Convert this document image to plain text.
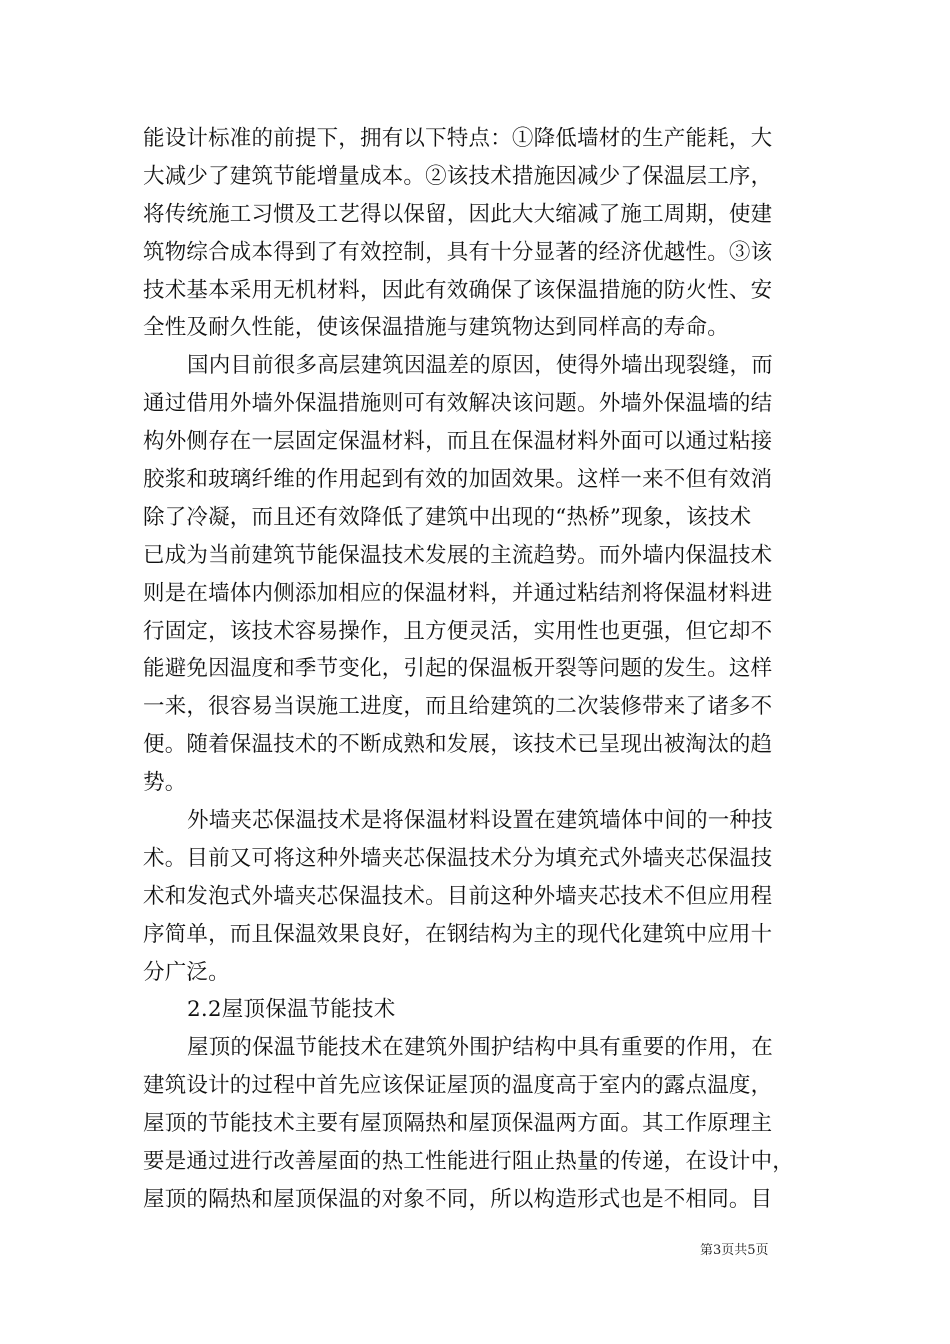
能设计标准的前提下，拥有以下特点：①降低墙材的生产能耗，大
大减少了建筑节能增量成本。②该技术措施因减少了保温层工序，
将传统施工习惯及工艺得以保留，因此大大缩减了施工周期，使建
筑物综合成本得到了有效控制，具有十分显著的经济优越性。③该
技术基本采用无机材料，因此有效确保了该保温措施的防火性、安
全性及耐久性能，使该保温措施与建筑物达到同样高的寿命。
国内目前很多高层建筑因温差的原因，使得外墙出现裂缝，而
通过借用外墙外保温措施则可有效解决该问题。外墙外保温墙的结
构外侧存在一层固定保温材料，而且在保温材料外面可以通过粘接
胶浆和玻璃纤维的作用起到有效的加固效果。这样一来不但有效消
除了冷凝，而且还有效降低了建筑中出现的“热桥”现象，该技术
已成为当前建筑节能保温技术发展的主流趋势。而外墙内保温技术
则是在墙体内侧添加相应的保温材料，并通过粘结剂将保温材料进
行固定，该技术容易操作，且方便灵活，实用性也更强，但它却不
能避免因温度和季节变化，引起的保温板开裂等问题的发生。这样
一来，很容易当误施工进度，而且给建筑的二次装修带来了诸多不
便。随着保温技术的不断成熟和发展，该技术已呈现出被淘汰的趋
势。
外墙夹芯保温技术是将保温材料设置在建筑墙体中间的一种技
术。目前又可将这种外墙夹芯保温技术分为填充式外墙夹芯保温技
术和发泡式外墙夹芯保温技术。目前这种外墙夹芯技术不但应用程
序简单，而且保温效果良好，在钢结构为主的现代化建筑中应用十
分广泛。
2.2屋顶保温节能技术
屋顶的保温节能技术在建筑外围护结构中具有重要的作用，在
建筑设计的过程中首先应该保证屋顶的温度高于室内的露点温度，
屋顶的节能技术主要有屋顶隔热和屋顶保温两方面。其工作原理主
要是通过进行改善屋面的热工性能进行阻止热量的传递，在设计中，
屋顶的隔热和屋顶保温的对象不同，所以构造形式也是不相同。目
第3页共5页
